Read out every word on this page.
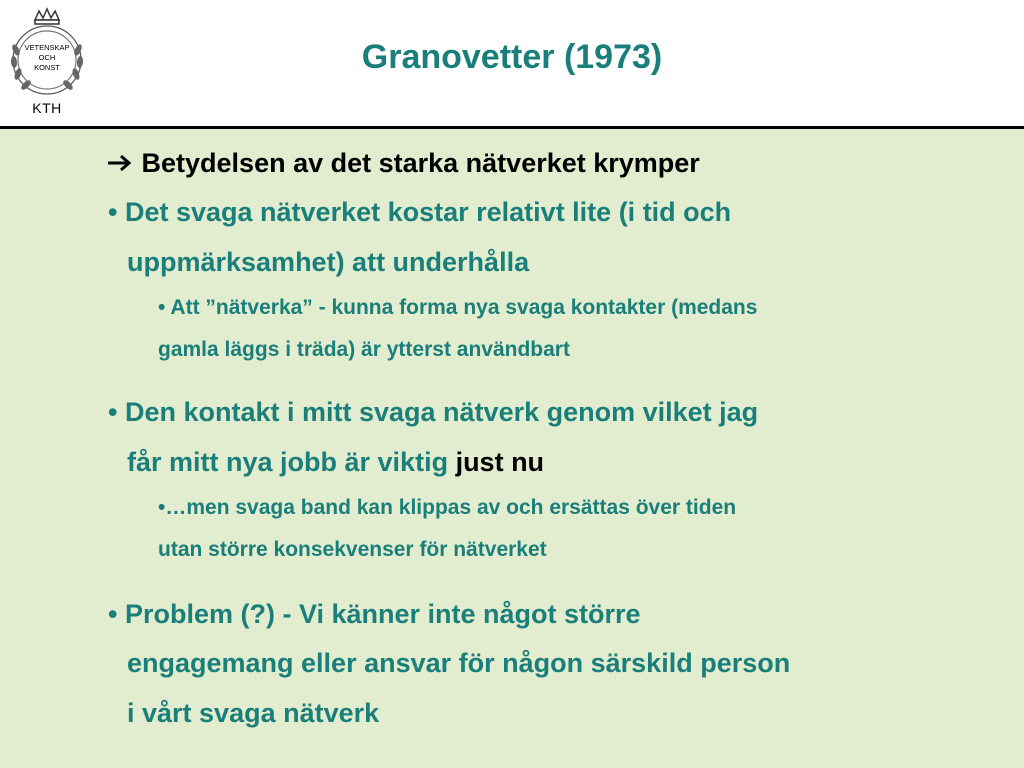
VETENSKAP
OCH
KONST
KTH
Granovetter (1973)
Betydelsen av det starka nätverket krymper
• Det svaga nätverket kostar relativt lite (i tid och
uppmärksamhet) att underhålla
• Att ”nätverka” - kunna forma nya svaga kontakter (medans
gamla läggs i träda) är ytterst användbart
• Den kontakt i mitt svaga nätverk genom vilket jag
får mitt nya jobb är viktig just nu
•…men svaga band kan klippas av och ersättas över tiden
utan större konsekvenser för nätverket
• Problem (?) - Vi känner inte något större
engagemang eller ansvar för någon särskild person
i vårt svaga nätverk
